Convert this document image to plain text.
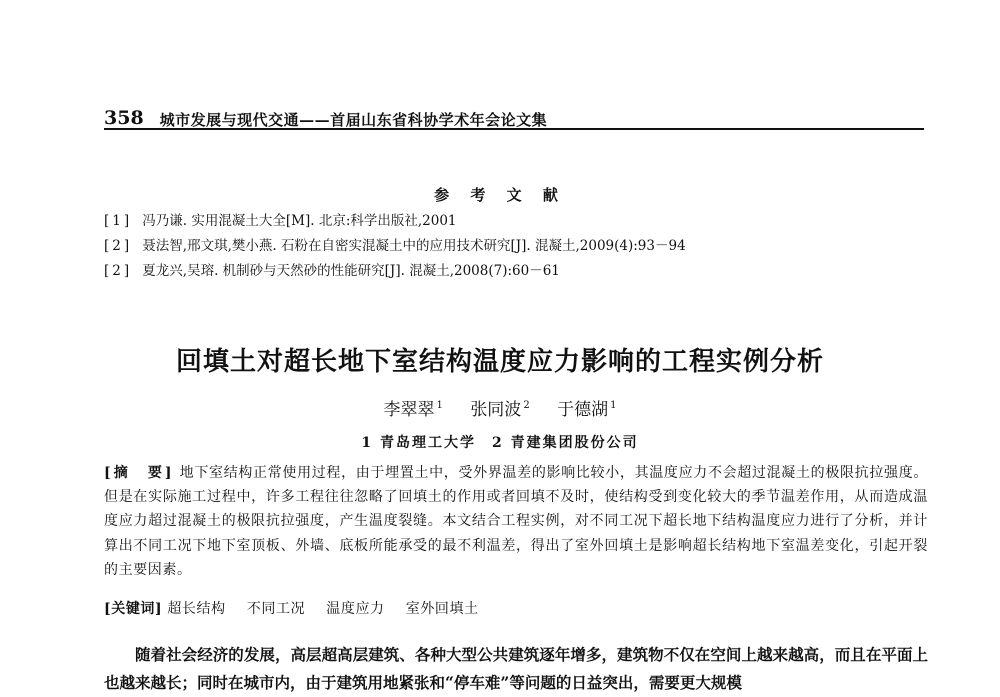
358 城市发展与现代交通——首届山东省科协学术年会论文集
参 考 文 献
[1] 冯乃谦. 实用混凝土大全[M]. 北京:科学出版社,2001
[2] 聂法智,邢文琪,樊小燕. 石粉在自密实混凝土中的应用技术研究[J]. 混凝土,2009(4):93－94
[2] 夏龙兴,吴瑢. 机制砂与天然砂的性能研究[J]. 混凝土,2008(7):60－61
回填土对超长地下室结构温度应力影响的工程实例分析
李翠翠 $^1$ 张同波 $^2$ 于德湖 $^1$
1 青岛理工大学　2 青建集团股份公司
[摘　要] 地下室结构正常使用过程，由于埋置土中，受外界温差的影响比较小，其温度应力不会超过混凝土的极限抗拉强度。但是在实际施工过程中，许多工程往往忽略了回填土的作用或者回填不及时，使结构受到变化较大的季节温差作用，从而造成温度应力超过混凝土的极限抗拉强度，产生温度裂缝。本文结合工程实例，对不同工况下超长地下结构温度应力进行了分析，并计算出不同工况下地下室顶板、外墙、底板所能承受的最不利温差，得出了室外回填土是影响超长结构地下室温差变化，引起开裂的主要因素。
[关键词] 超长结构 不同工况 温度应力 室外回填土
随着社会经济的发展，高层超高层建筑、各种大型公共建筑逐年增多，建筑物不仅在空间上越来越高，而且在平面上也越来越长；同时在城市内，由于建筑用地紧张和“停车难”等问题的日益突出，需要更大规模
